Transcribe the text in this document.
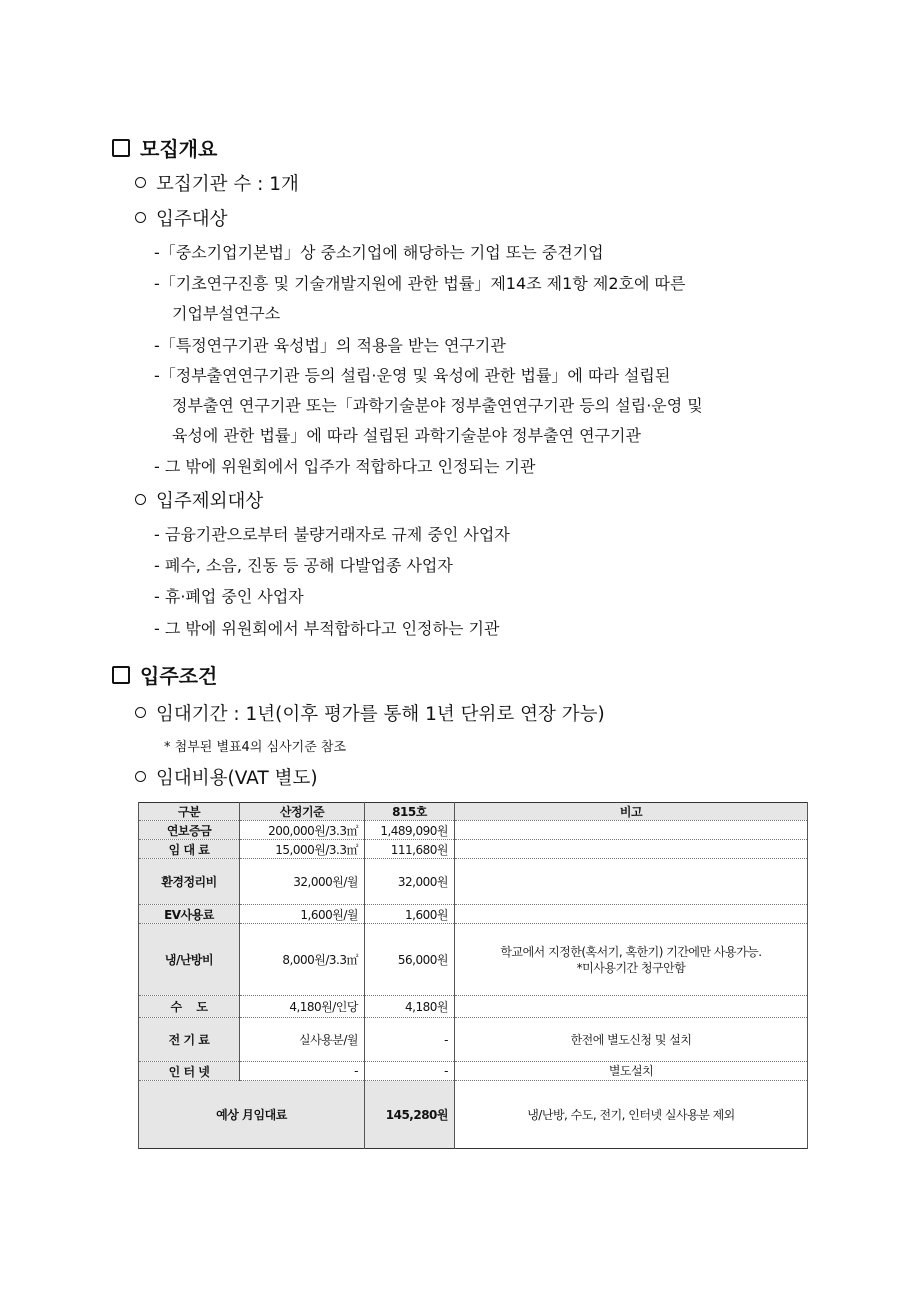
모집개요
모집기관 수 : 1개
입주대상
-「중소기업기본법」상 중소기업에 해당하는 기업 또는 중견기업
-「기초연구진흥 및 기술개발지원에 관한 법률」제14조 제1항 제2호에 따른
기업부설연구소
-「특정연구기관 육성법」의 적용을 받는 연구기관
-「정부출연연구기관 등의 설립·운영 및 육성에 관한 법률」에 따라 설립된
정부출연 연구기관 또는「과학기술분야 정부출연연구기관 등의 설립·운영 및
육성에 관한 법률」에 따라 설립된 과학기술분야 정부출연 연구기관
- 그 밖에 위원회에서 입주가 적합하다고 인정되는 기관
입주제외대상
- 금융기관으로부터 불량거래자로 규제 중인 사업자
- 폐수, 소음, 진동 등 공해 다발업종 사업자
- 휴·폐업 중인 사업자
- 그 밖에 위원회에서 부적합하다고 인정하는 기관
입주조건
임대기간 : 1년(이후 평가를 통해 1년 단위로 연장 가능)
* 첨부된 별표4의 심사기준 참조
임대비용(VAT 별도)
구분	산정기준	815호	비고
연보증금	200,000원/3.3㎡	1,489,090원	
임 대 료	15,000원/3.3㎡	111,680원	
환경정리비	32,000원/월	32,000원	
EV사용료	1,600원/월	1,600원	
냉/난방비	8,000원/3.3㎡	56,000원	학교에서 지정한(혹서기, 혹한기) 기간에만 사용가능.
*미사용기간 청구안함

수    도	4,180원/인당	4,180원	
전 기 료	실사용분/월	-	한전에 별도신청 및 설치
인 터 넷	-	-	별도설치
예상 月임대료		145,280원	냉/난방, 수도, 전기, 인터넷 실사용분 제외
